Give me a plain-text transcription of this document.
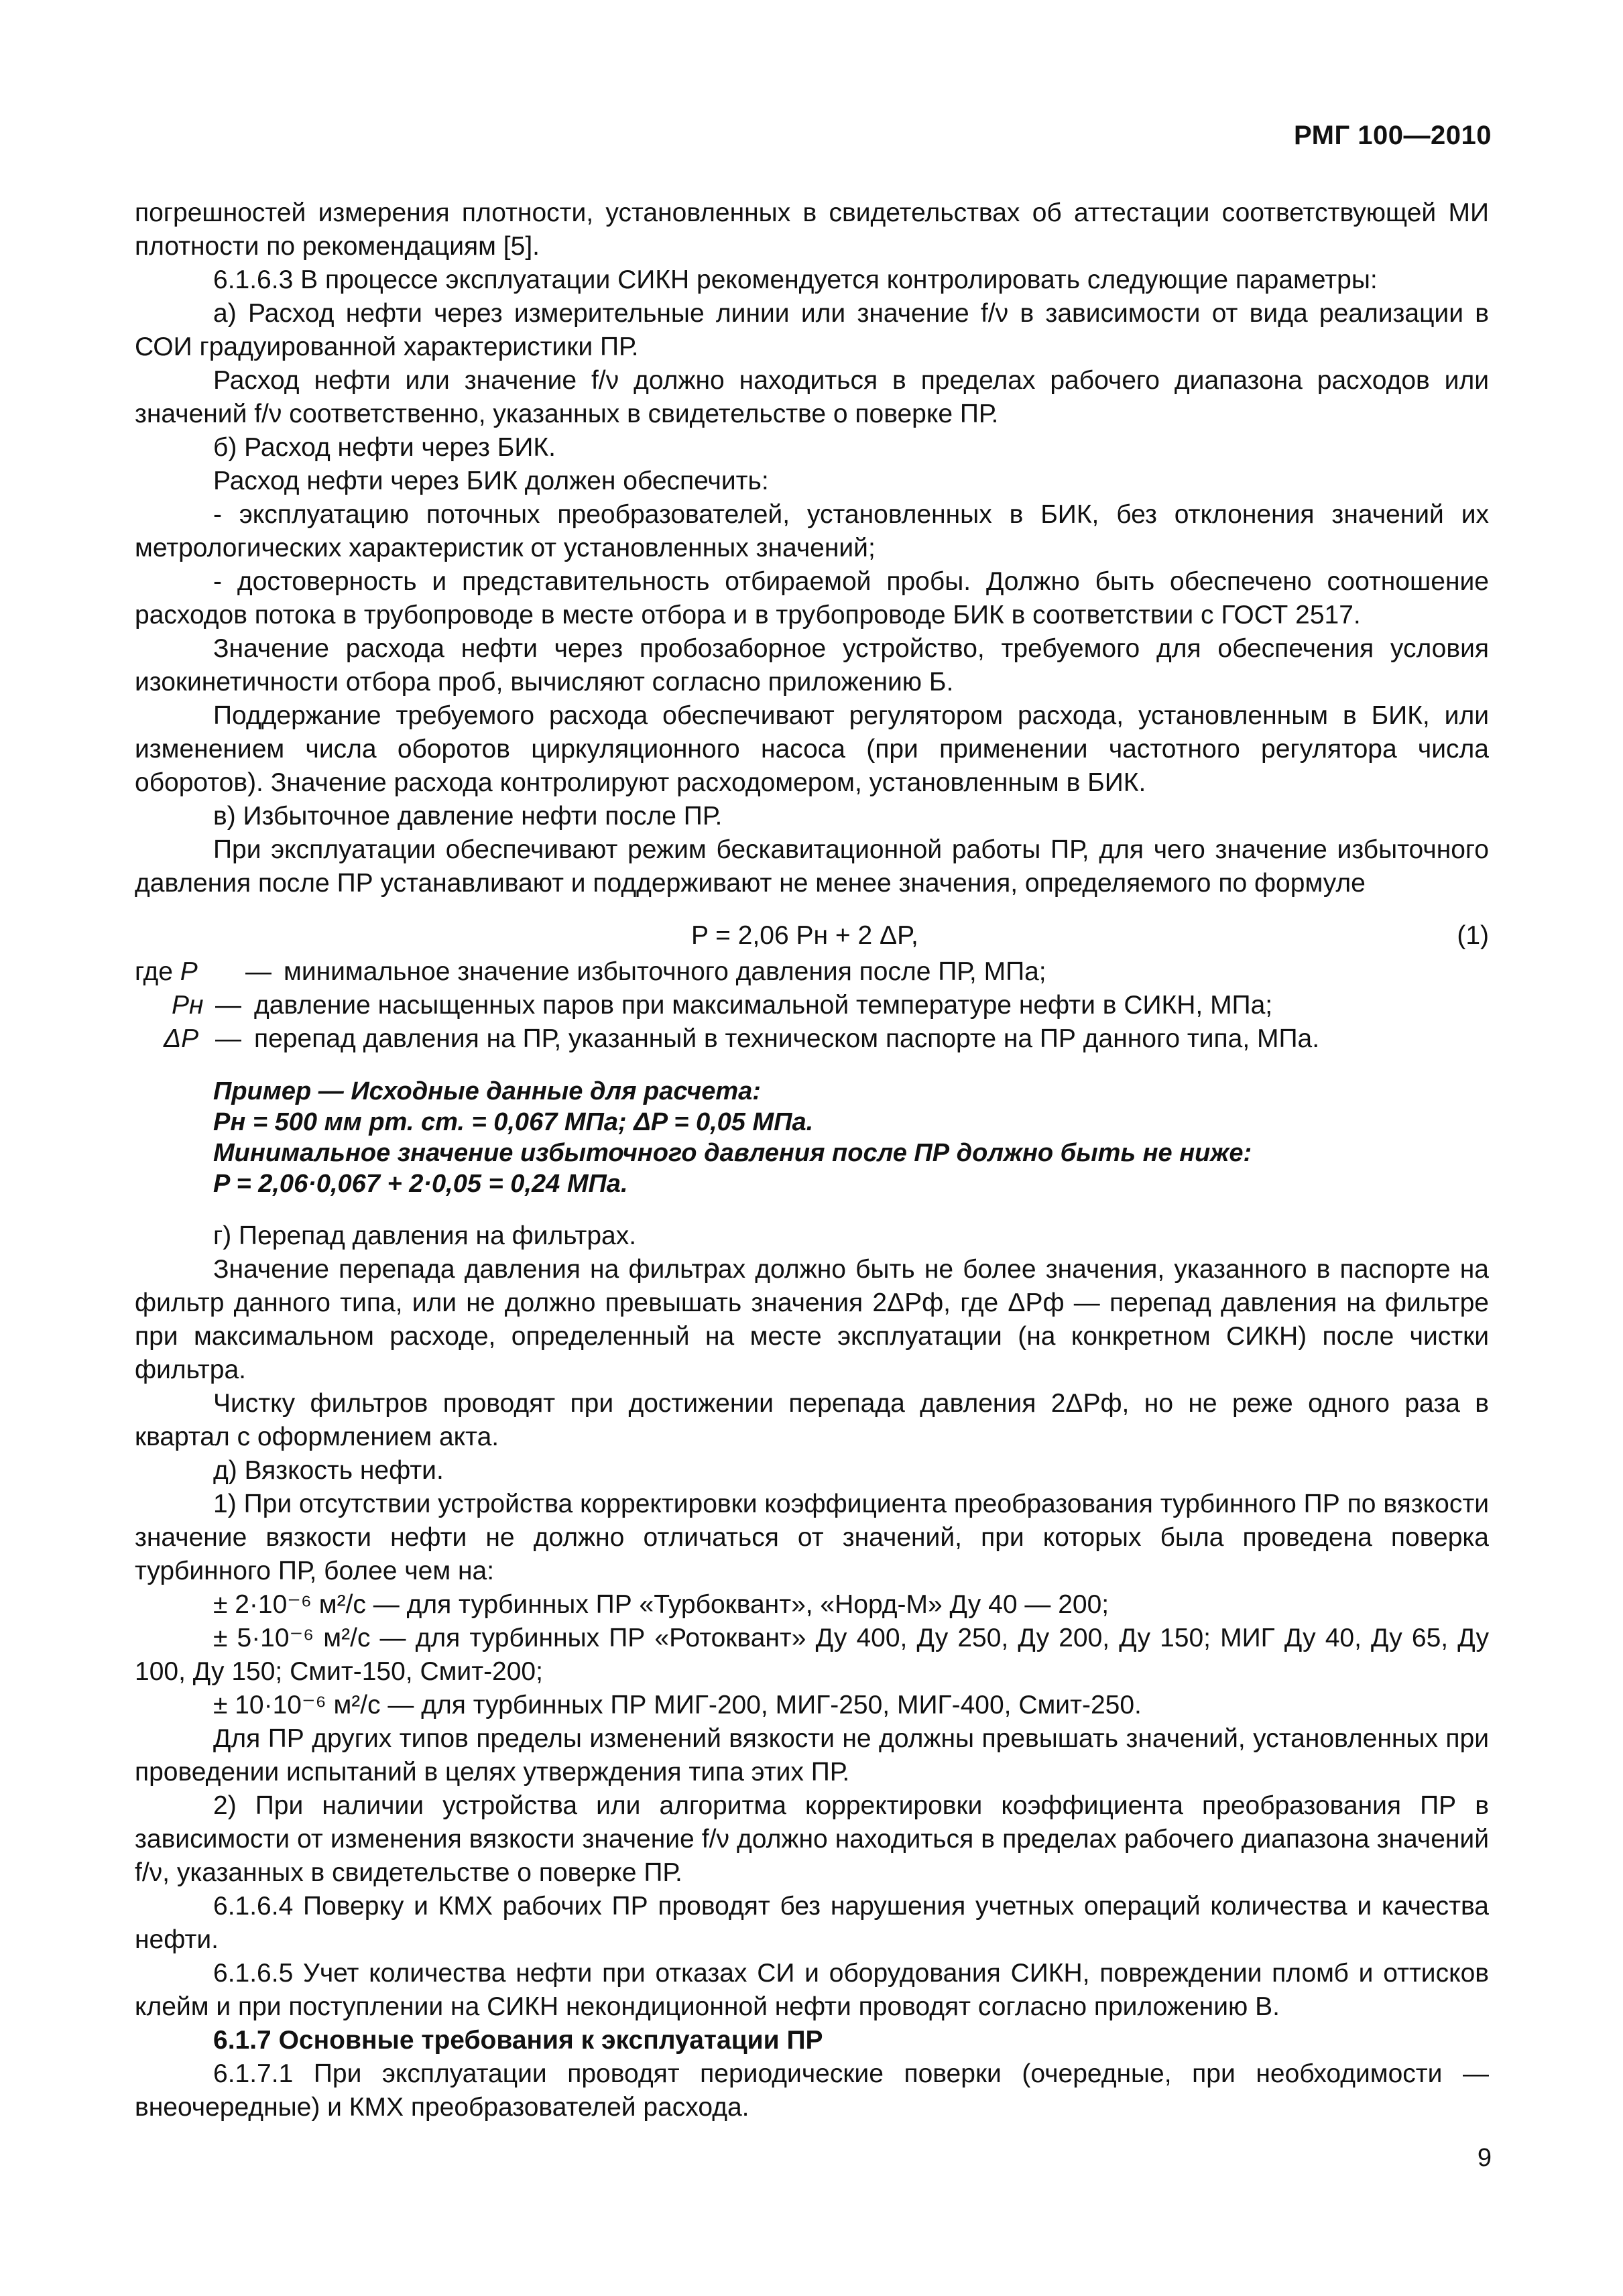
РМГ 100—2010

погрешностей измерения плотности, установленных в свидетельствах об аттестации соответствующей МИ плотности по рекомендациям [5].

6.1.6.3 В процессе эксплуатации СИКН рекомендуется контролировать следующие параметры:

а) Расход нефти через измерительные линии или значение f/ν в зависимости от вида реализации в СОИ градуированной характеристики ПР.

Расход нефти или значение f/ν должно находиться в пределах рабочего диапазона расходов или значений f/ν соответственно, указанных в свидетельстве о поверке ПР.

б) Расход нефти через БИК.

Расход нефти через БИК должен обеспечить:

- эксплуатацию поточных преобразователей, установленных в БИК, без отклонения значений их метрологических характеристик от установленных значений;

- достоверность и представительность отбираемой пробы. Должно быть обеспечено соотношение расходов потока в трубопроводе в месте отбора и в трубопроводе БИК в соответствии с ГОСТ 2517.

Значение расхода нефти через пробозаборное устройство, требуемого для обеспечения условия изокинетичности отбора проб, вычисляют согласно приложению Б.

Поддержание требуемого расхода обеспечивают регулятором расхода, установленным в БИК, или изменением числа оборотов циркуляционного насоса (при применении частотного регулятора числа оборотов). Значение расхода контролируют расходомером, установленным в БИК.

в) Избыточное давление нефти после ПР.

При эксплуатации обеспечивают режим бескавитационной работы ПР, для чего значение избыточного давления после ПР устанавливают и поддерживают не менее значения, определяемого по формуле

P = 2,06 Pн + 2 ΔP,	(1)
где P — минимальное значение избыточного давления после ПР, МПа;
Pн — давление насыщенных паров при максимальной температуре нефти в СИКН, МПа;
ΔP — перепад давления на ПР, указанный в техническом паспорте на ПР данного типа, МПа.
Пример — Исходные данные для расчета:
Pн = 500 мм рт. ст. = 0,067 МПа; ΔP = 0,05 МПа.
Минимальное значение избыточного давления после ПР должно быть не ниже:
P = 2,06·0,067 + 2·0,05 = 0,24 МПа.

г) Перепад давления на фильтрах.

Значение перепада давления на фильтрах должно быть не более значения, указанного в паспорте на фильтр данного типа, или не должно превышать значения 2ΔPф, где ΔPф — перепад давления на фильтре при максимальном расходе, определенный на месте эксплуатации (на конкретном СИКН) после чистки фильтра.

Чистку фильтров проводят при достижении перепада давления 2ΔPф, но не реже одного раза в квартал с оформлением акта.

д) Вязкость нефти.

1) При отсутствии устройства корректировки коэффициента преобразования турбинного ПР по вязкости значение вязкости нефти не должно отличаться от значений, при которых была проведена поверка турбинного ПР, более чем на:

± 2·10⁻⁶ м²/с — для турбинных ПР «Турбоквант», «Норд-М» Ду 40 — 200;

± 5·10⁻⁶ м²/с — для турбинных ПР «Ротоквант» Ду 400, Ду 250, Ду 200, Ду 150; МИГ Ду 40, Ду 65, Ду 100, Ду 150; Смит-150, Смит-200;

± 10·10⁻⁶ м²/с — для турбинных ПР МИГ-200, МИГ-250, МИГ-400, Смит-250.

Для ПР других типов пределы изменений вязкости не должны превышать значений, установленных при проведении испытаний в целях утверждения типа этих ПР.

2) При наличии устройства или алгоритма корректировки коэффициента преобразования ПР в зависимости от изменения вязкости значение f/ν должно находиться в пределах рабочего диапазона значений f/ν, указанных в свидетельстве о поверке ПР.

6.1.6.4 Поверку и КМХ рабочих ПР проводят без нарушения учетных операций количества и качества нефти.

6.1.6.5 Учет количества нефти при отказах СИ и оборудования СИКН, повреждении пломб и оттисков клейм и при поступлении на СИКН некондиционной нефти проводят согласно приложению В.

6.1.7 Основные требования к эксплуатации ПР

6.1.7.1 При эксплуатации проводят периодические поверки (очередные, при необходимости — внеочередные) и КМХ преобразователей расхода.

9
